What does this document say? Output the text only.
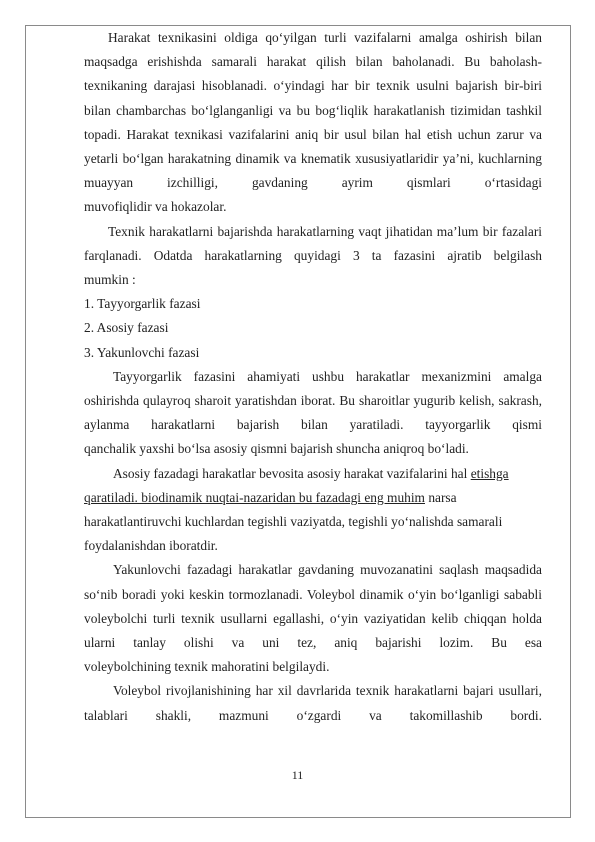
Harakat texnikasini oldiga qo‘yilgan turli vazifalarni amalga oshirish bilan maqsadga erishishda samarali harakat qilish bilan baholanadi. Bu baholash-texnikaning darajasi hisoblanadi. o‘yindagi har bir texnik usulni bajarish bir-biri bilan chambarchas bo‘lglanganligi va bu bog‘liqlik harakatlanish tizimidan tashkil topadi. Harakat texnikasi vazifalarini aniq bir usul bilan hal etish uchun zarur va yetarli bo‘lgan harakatning dinamik va knematik xususiyatlaridir ya’ni, kuchlarning muayyan izchilligi, gavdaning ayrim qismlari o‘rtasidagi

muvofiqlidir va hokazolar.

Texnik harakatlarni bajarishda harakatlarning vaqt jihatidan ma’lum bir fazalari farqlanadi. Odatda harakatlarning quyidagi 3 ta fazasini ajratib belgilash

mumkin :

1. Tayyorgarlik fazasi

2. Asosiy fazasi

3. Yakunlovchi fazasi

Tayyorgarlik fazasini ahamiyati ushbu harakatlar mexanizmini amalga oshirishda qulayroq sharoit yaratishdan iborat. Bu sharoitlar yugurib kelish, sakrash, aylanma harakatlarni bajarish bilan yaratiladi. tayyorgarlik qismi

qanchalik yaxshi bo‘lsa asosiy qismni bajarish shuncha aniqroq bo‘ladi.

Asosiy fazadagi harakatlar bevosita asosiy harakat vazifalarini hal etishga

qaratiladi. biodinamik nuqtai-nazaridan bu fazadagi eng muhim narsa

harakatlantiruvchi kuchlardan tegishli vaziyatda, tegishli yo‘nalishda samarali

foydalanishdan iboratdir.

Yakunlovchi fazadagi harakatlar gavdaning muvozanatini saqlash maqsadida so‘nib boradi yoki keskin tormozlanadi. Voleybol dinamik o‘yin bo‘lganligi sababli voleybolchi turli texnik usullarni egallashi, o‘yin vaziyatidan kelib chiqqan holda ularni tanlay olishi va uni tez, aniq bajarishi lozim. Bu esa

voleybolchining texnik mahoratini belgilaydi.

Voleybol rivojlanishining har xil davrlarida texnik harakatlarni bajari usullari, talablari shakli, mazmuni o‘zgardi va takomillashib bordi.

11
